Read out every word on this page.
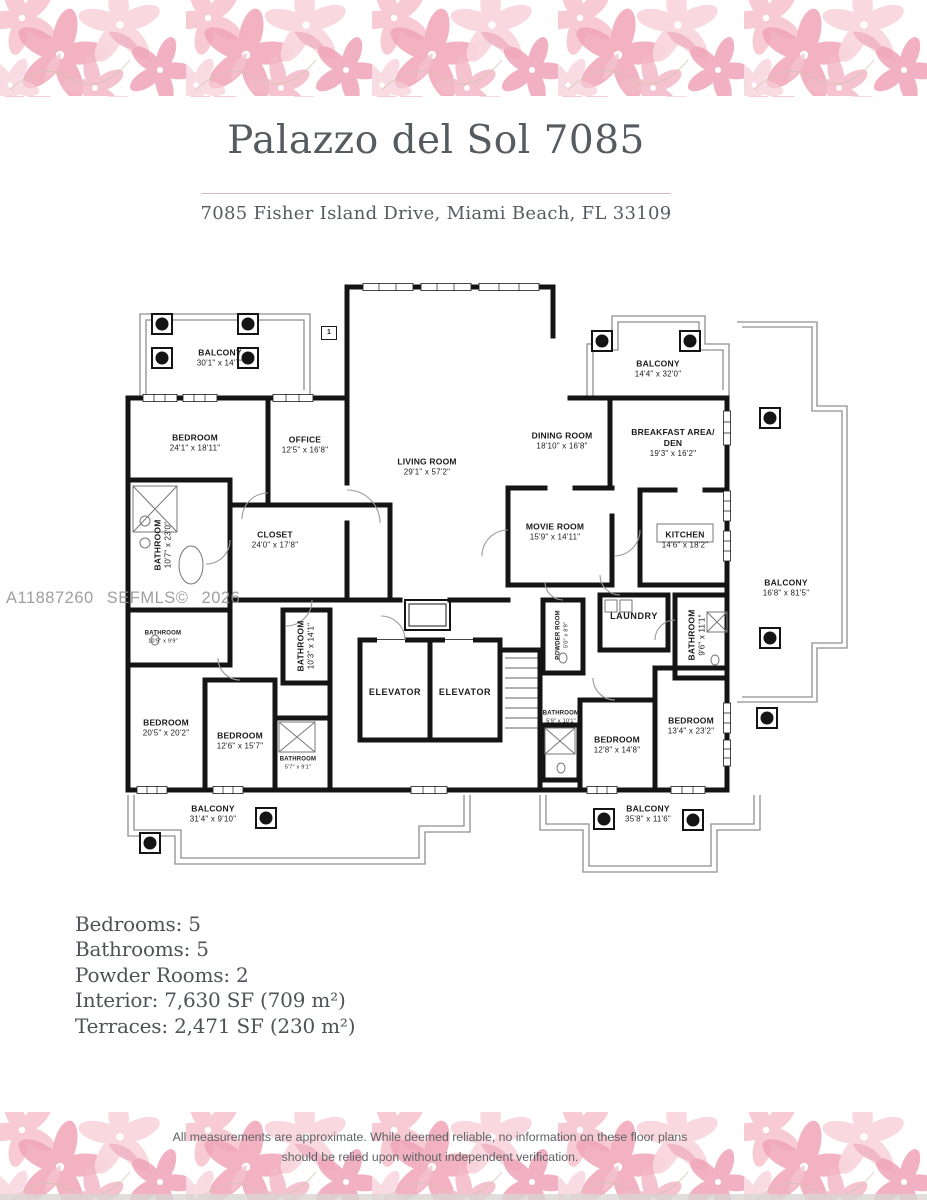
Palazzo del Sol 7085
7085 Fisher Island Drive, Miami Beach, FL 33109
BALCONY
30'1" x 14'7"
BEDROOM
24'1" x 18'11"
OFFICE
12'5" x 16'8"
LIVING ROOM
29'1" x 57'2"
DINING ROOM
18'10" x 16'8"
BREAKFAST AREA/
DEN
19'3" x 16'2"
BALCONY
14'4" x 32'0"
MOVIE ROOM
15'9" x 14'11"	KITCHEN
14'6" x 18'2"
BATHROOM 10'7" x 23'0"	CLOSET
24'0" x 17'8"
BATHROOM
10'5" x 9'9"	BATHROOM 10'3" x 14'1"
ELEVATOR ELEVATOR
LAUNDRY	BATHROOM 9'6" x 11'1"
POWDER ROOM 5'0" x 8'9"
BEDROOM
20'5" x 20'2"	BEDROOM
12'6" x 15'7"
BATHROOM
5'7" x 9'1"
BALCONY
31'4" x 9'10"
BEDROOM
12'8" x 14'8"
BEDROOM
13'4" x 23'2"
BATHROOM
5'9" x 10'1"
BALCONY
35'8" x 11'6"
BALCONY
16'8" x 81'5"
1
A11887260 SEFMLS© 2026
Bedrooms: 5
Bathrooms: 5
Powder Rooms: 2
Interior: 7,630 SF (709 m²)
Terraces: 2,471 SF (230 m²)
All measurements are approximate. While deemed reliable, no information on these floor plans
should be relied upon without independent verification.
